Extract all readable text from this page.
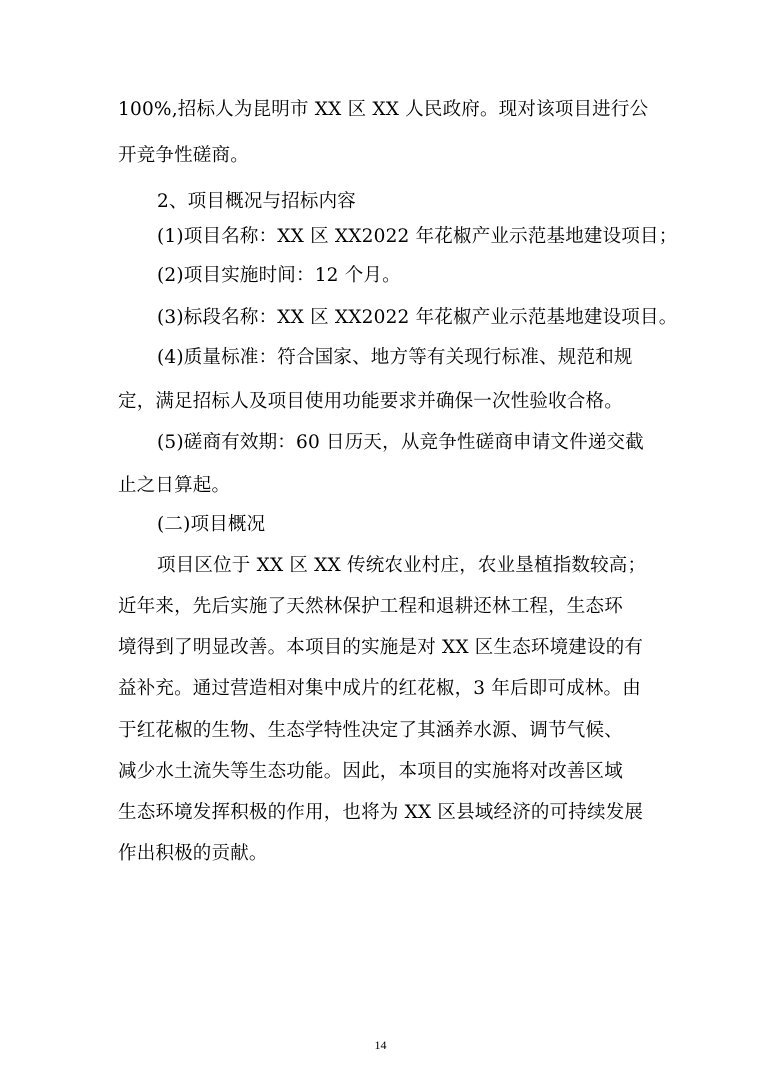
100%,招标人为昆明市 XX 区 XX 人民政府。现对该项目进行公
开竞争性磋商。
2、项目概况与招标内容
(1)项目名称：XX 区 XX2022 年花椒产业示范基地建设项目；
(2)项目实施时间：12 个月。
(3)标段名称：XX 区 XX2022 年花椒产业示范基地建设项目。
(4)质量标准：符合国家、地方等有关现行标准、规范和规
定，满足招标人及项目使用功能要求并确保一次性验收合格。
(5)磋商有效期：60 日历天，从竞争性磋商申请文件递交截
止之日算起。
(二)项目概况
项目区位于 XX 区 XX 传统农业村庄，农业垦植指数较高；
近年来，先后实施了天然林保护工程和退耕还林工程，生态环
境得到了明显改善。本项目的实施是对 XX 区生态环境建设的有
益补充。通过营造相对集中成片的红花椒，3 年后即可成林。由
于红花椒的生物、生态学特性决定了其涵养水源、调节气候、
减少水土流失等生态功能。因此，本项目的实施将对改善区域
生态环境发挥积极的作用，也将为 XX 区县域经济的可持续发展
作出积极的贡献。
14
